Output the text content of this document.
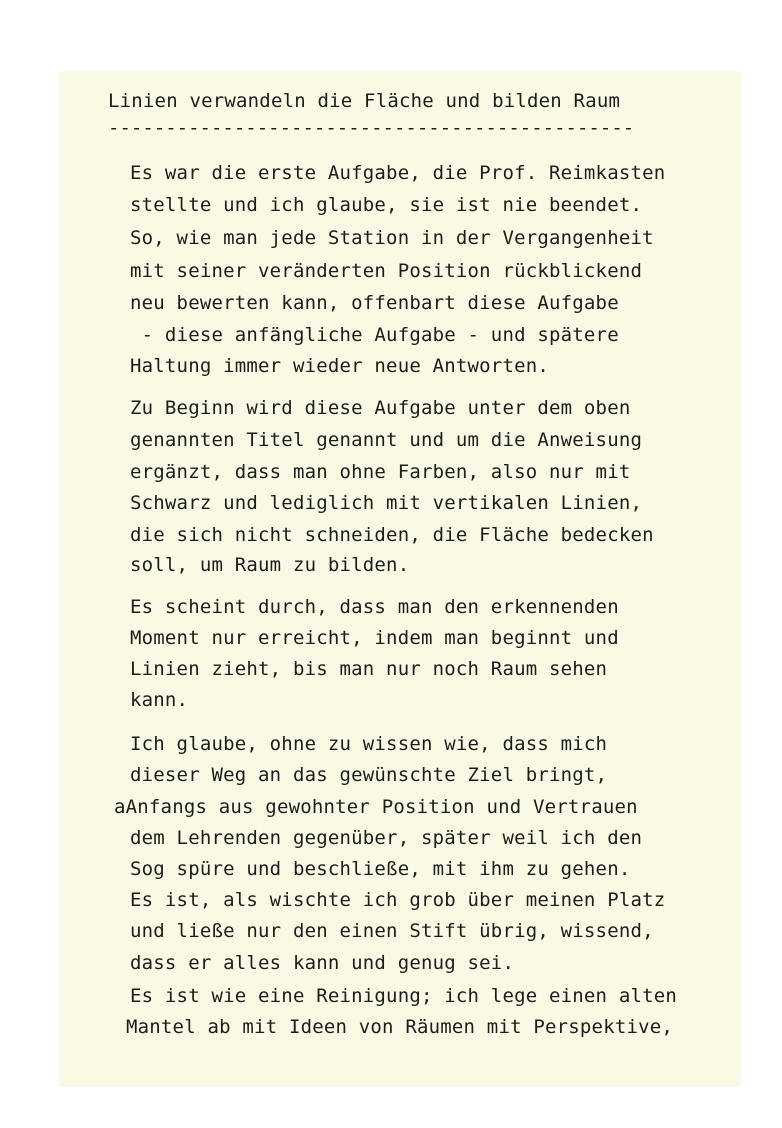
Linien verwandeln die Fläche und bilden Raum
----------------------------------------------
Es war die erste Aufgabe, die Prof. Reimkasten
stellte und ich glaube, sie ist nie beendet.
So, wie man jede Station in der Vergangenheit
mit seiner veränderten Position rückblickend
neu bewerten kann, offenbart diese Aufgabe
- diese anfängliche Aufgabe - und spätere
Haltung immer wieder neue Antworten.
Zu Beginn wird diese Aufgabe unter dem oben
genannten Titel genannt und um die Anweisung
ergänzt, dass man ohne Farben, also nur mit
Schwarz und lediglich mit vertikalen Linien,
die sich nicht schneiden, die Fläche bedecken
soll, um Raum zu bilden.
Es scheint durch, dass man den erkennenden
Moment nur erreicht, indem man beginnt und
Linien zieht, bis man nur noch Raum sehen
kann.
Ich glaube, ohne zu wissen wie, dass mich
dieser Weg an das gewünschte Ziel bringt,
aAnfangs aus gewohnter Position und Vertrauen
dem Lehrenden gegenüber, später weil ich den
Sog spüre und beschließe, mit ihm zu gehen.
Es ist, als wischte ich grob über meinen Platz
und ließe nur den einen Stift übrig, wissend,
dass er alles kann und genug sei.
Es ist wie eine Reinigung; ich lege einen alten
Mantel ab mit Ideen von Räumen mit Perspektive,
